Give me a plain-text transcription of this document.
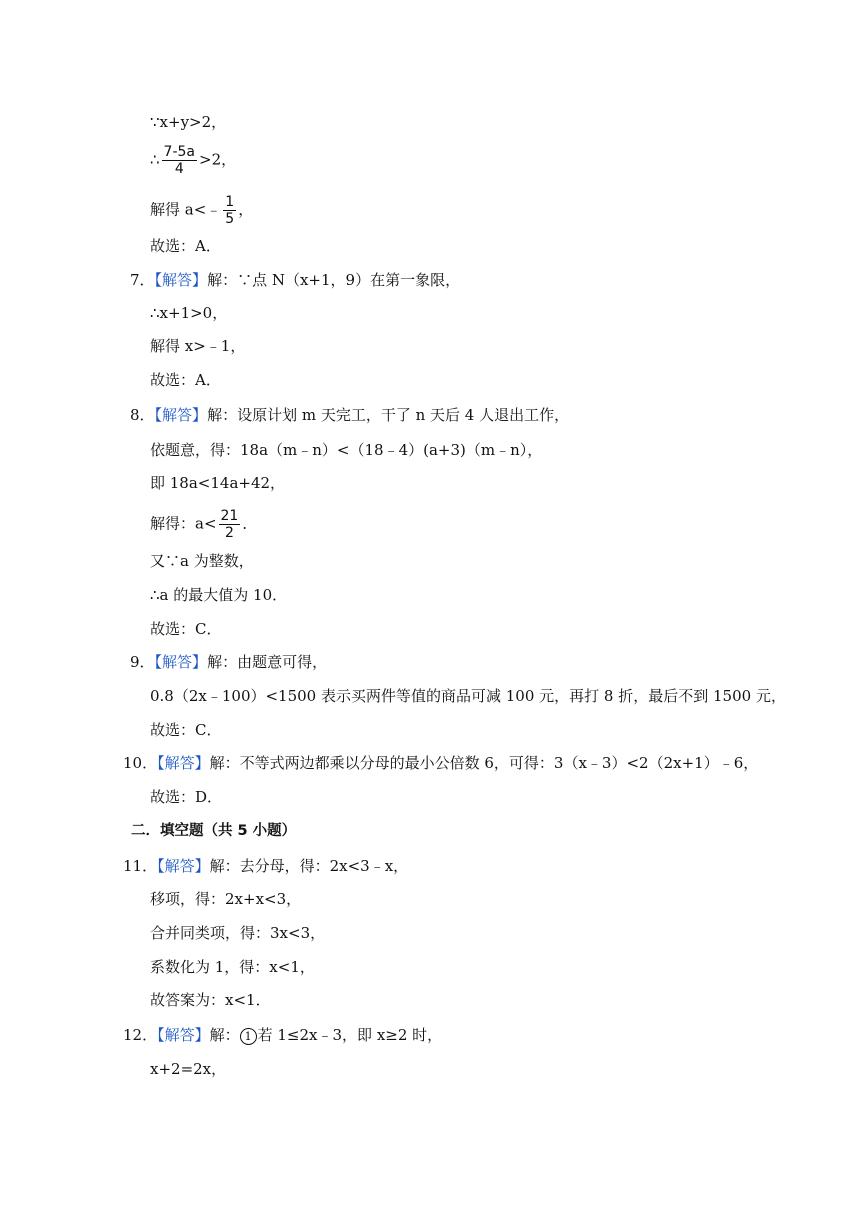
∵x+y>2，
∴ $\frac{7-5a}{4} >2$，
解得 a<﹣ $\frac{1}{5}$ ，
故选：A．
7．【解答】解：∵点 N（x+1，9）在第一象限，
∴x+1>0，
解得 x>﹣1，
故选：A．
8．【解答】解：设原计划 m 天完工，干了 n 天后 4 人退出工作，
依题意，得：18a（m﹣n）<（18﹣4）(a+3)（m﹣n），
即 18a<14a+42，
解得：$a< \frac{21}{2}$ ．
又∵a 为整数，
∴a 的最大值为 10．
故选：C．
9．【解答】解：由题意可得，
0.8（2x﹣100）<1500 表示买两件等值的商品可减 100 元，再打 8 折，最后不到 1500 元，
故选：C．
10．【解答】解：不等式两边都乘以分母的最小公倍数 6，可得：3（x﹣3）<2（2x+1）﹣6，
故选：D．
二．填空题（共 5 小题）
11．【解答】解：去分母，得：2x<3﹣x，
移项，得：2x+x<3，
合并同类项，得：3x<3，
系数化为 1，得：x<1，
故答案为：x<1．
12．【解答】解： 1 若 1≤2x﹣3，即 x≥2 时，
x+2=2x，
